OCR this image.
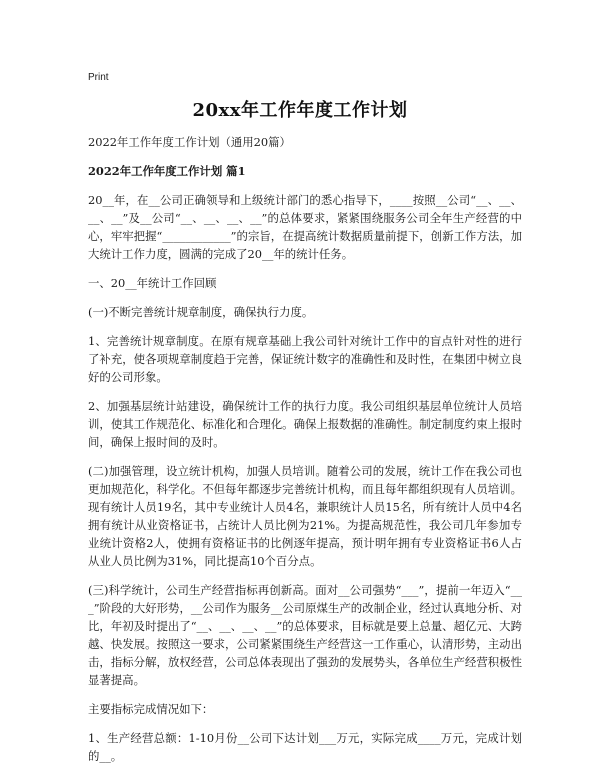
Print
20xx年工作年度工作计划

2022年工作年度工作计划（通用20篇）

2022年工作年度工作计划 篇1

20__年，在__公司正确领导和上级统计部门的悉心指导下，____按照__公司“__、__、__、__”及__公司“__、__、__、__”的总体要求，紧紧围绕服务公司全年生产经营的中心，牢牢把握“____________”的宗旨，在提高统计数据质量前提下，创新工作方法，加大统计工作力度，圆满的完成了20__年的统计任务。

一、20__年统计工作回顾

(一)不断完善统计规章制度，确保执行力度。

1、完善统计规章制度。在原有规章基础上我公司针对统计工作中的盲点针对性的进行了补充，使各项规章制度趋于完善，保证统计数字的准确性和及时性，在集团中树立良好的公司形象。

2、加强基层统计站建设，确保统计工作的执行力度。我公司组织基层单位统计人员培训，使其工作规范化、标准化和合理化。确保上报数据的准确性。制定制度约束上报时间，确保上报时间的及时。

(二)加强管理，设立统计机构，加强人员培训。随着公司的发展，统计工作在我公司也更加规范化，科学化。不但每年都逐步完善统计机构，而且每年都组织现有人员培训。现有统计人员19名，其中专业统计人员4名，兼职统计人员15名，所有统计人员中4名拥有统计从业资格证书，占统计人员比例为21%。为提高规范性，我公司几年参加专业统计资格2人，使拥有资格证书的比例逐年提高，预计明年拥有专业资格证书6人占从业人员比例为31%，同比提高10个百分点。

(三)科学统计，公司生产经营指标再创新高。面对__公司强势“___”，提前一年迈入“___”阶段的大好形势，__公司作为服务__公司原煤生产的改制企业，经过认真地分析、对比，年初及时提出了“__、__、__、__”的总体要求，目标就是要上总量、超亿元、大跨越、快发展。按照这一要求，公司紧紧围绕生产经营这一工作重心，认清形势，主动出击，指标分解，放权经营，公司总体表现出了强劲的发展势头，各单位生产经营积极性显著提高。

主要指标完成情况如下：

1、生产经营总额：1-10月份__公司下达计划___万元，实际完成____万元，完成计划的__。
